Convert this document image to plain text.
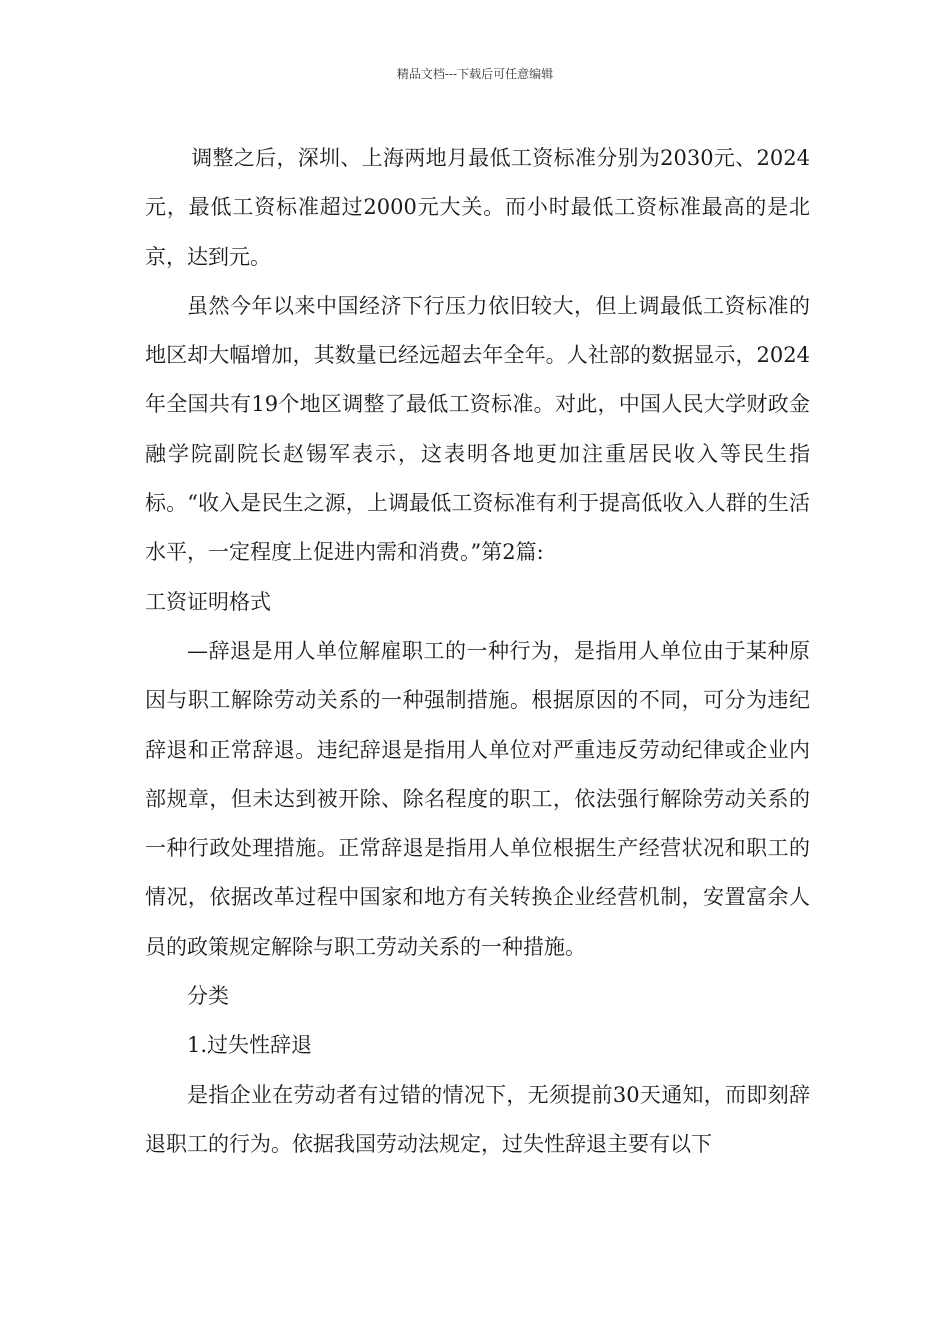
精品文档---下载后可任意编辑

调整之后，深圳、上海两地月最低工资标准分别为2030元、2024元，最低工资标准超过2000元大关。而小时最低工资标准最高的是北京，达到元。

虽然今年以来中国经济下行压力依旧较大，但上调最低工资标准的地区却大幅增加，其数量已经远超去年全年。人社部的数据显示，2024年全国共有19个地区调整了最低工资标准。对此，中国人民大学财政金融学院副院长赵锡军表示，这表明各地更加注重居民收入等民生指标。“收入是民生之源，上调最低工资标准有利于提高低收入人群的生活水平，一定程度上促进内需和消费。”第2篇:

工资证明格式

—辞退是用人单位解雇职工的一种行为，是指用人单位由于某种原因与职工解除劳动关系的一种强制措施。根据原因的不同，可分为违纪辞退和正常辞退。违纪辞退是指用人单位对严重违反劳动纪律或企业内部规章，但未达到被开除、除名程度的职工，依法强行解除劳动关系的一种行政处理措施。正常辞退是指用人单位根据生产经营状况和职工的情况，依据改革过程中国家和地方有关转换企业经营机制，安置富余人员的政策规定解除与职工劳动关系的一种措施。

分类

1.过失性辞退

是指企业在劳动者有过错的情况下，无须提前30天通知，而即刻辞退职工的行为。依据我国劳动法规定，过失性辞退主要有以下
